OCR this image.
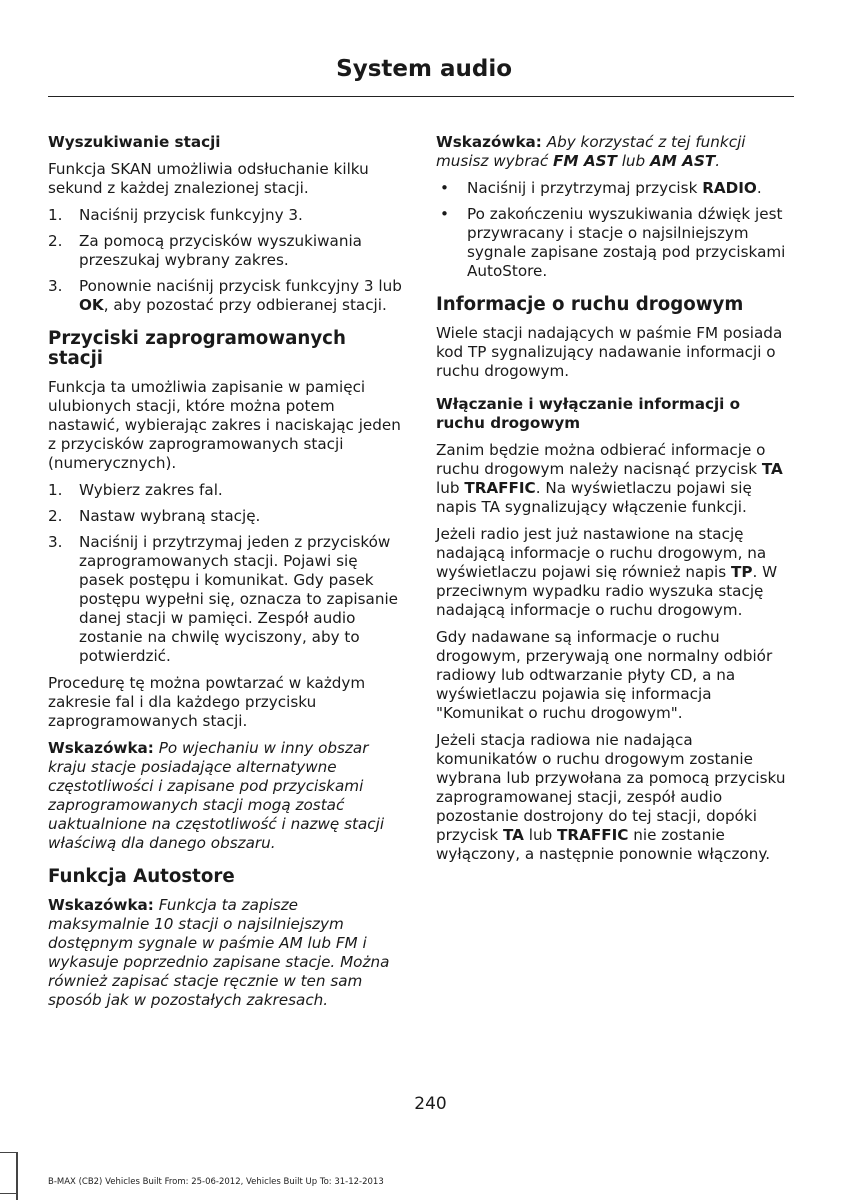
System audio
Wyszukiwanie stacji

Funkcja SKAN umożliwia odsłuchanie kilku sekund z każdej znalezionej stacji.

1. Naciśnij przycisk funkcyjny 3.
2. Za pomocą przycisków wyszukiwania przeszukaj wybrany zakres.
3. Ponownie naciśnij przycisk funkcyjny 3 lub OK, aby pozostać przy odbieranej stacji.
Przyciski zaprogramowanych stacji

Funkcja ta umożliwia zapisanie w pamięci ulubionych stacji, które można potem nastawić, wybierając zakres i naciskając jeden z przycisków zaprogramowanych stacji (numerycznych).

1. Wybierz zakres fal.
2. Nastaw wybraną stację.
3. Naciśnij i przytrzymaj jeden z przycisków zaprogramowanych stacji. Pojawi się pasek postępu i komunikat. Gdy pasek postępu wypełni się, oznacza to zapisanie danej stacji w pamięci. Zespół audio zostanie na chwilę wyciszony, aby to potwierdzić.

Procedurę tę można powtarzać w każdym zakresie fal i dla każdego przycisku zaprogramowanych stacji.

Wskazówka: Po wjechaniu w inny obszar kraju stacje posiadające alternatywne częstotliwości i zapisane pod przyciskami zaprogramowanych stacji mogą zostać uaktualnione na częstotliwość i nazwę stacji właściwą dla danego obszaru.

Funkcja Autostore

Wskazówka: Funkcja ta zapisze maksymalnie 10 stacji o najsilniejszym dostępnym sygnale w paśmie AM lub FM i wykasuje poprzednio zapisane stacje. Można również zapisać stacje ręcznie w ten sam sposób jak w pozostałych zakresach.

Wskazówka: Aby korzystać z tej funkcji musisz wybrać FM AST lub AM AST.

• Naciśnij i przytrzymaj przycisk RADIO.
• Po zakończeniu wyszukiwania dźwięk jest przywracany i stacje o najsilniejszym sygnale zapisane zostają pod przyciskami AutoStore.
Informacje o ruchu drogowym

Wiele stacji nadających w paśmie FM posiada kod TP sygnalizujący nadawanie informacji o ruchu drogowym.

Włączanie i wyłączanie informacji o ruchu drogowym

Zanim będzie można odbierać informacje o ruchu drogowym należy nacisnąć przycisk TA lub TRAFFIC. Na wyświetlaczu pojawi się napis TA sygnalizujący włączenie funkcji.

Jeżeli radio jest już nastawione na stację nadającą informacje o ruchu drogowym, na wyświetlaczu pojawi się również napis TP. W przeciwnym wypadku radio wyszuka stację nadającą informacje o ruchu drogowym.

Gdy nadawane są informacje o ruchu drogowym, przerywają one normalny odbiór radiowy lub odtwarzanie płyty CD, a na wyświetlaczu pojawia się informacja "Komunikat o ruchu drogowym".

Jeżeli stacja radiowa nie nadająca komunikatów o ruchu drogowym zostanie wybrana lub przywołana za pomocą przycisku zaprogramowanej stacji, zespół audio pozostanie dostrojony do tej stacji, dopóki przycisk TA lub TRAFFIC nie zostanie wyłączony, a następnie ponownie włączony.

240
B-MAX (CB2) Vehicles Built From: 25-06-2012, Vehicles Built Up To: 31-12-2013
